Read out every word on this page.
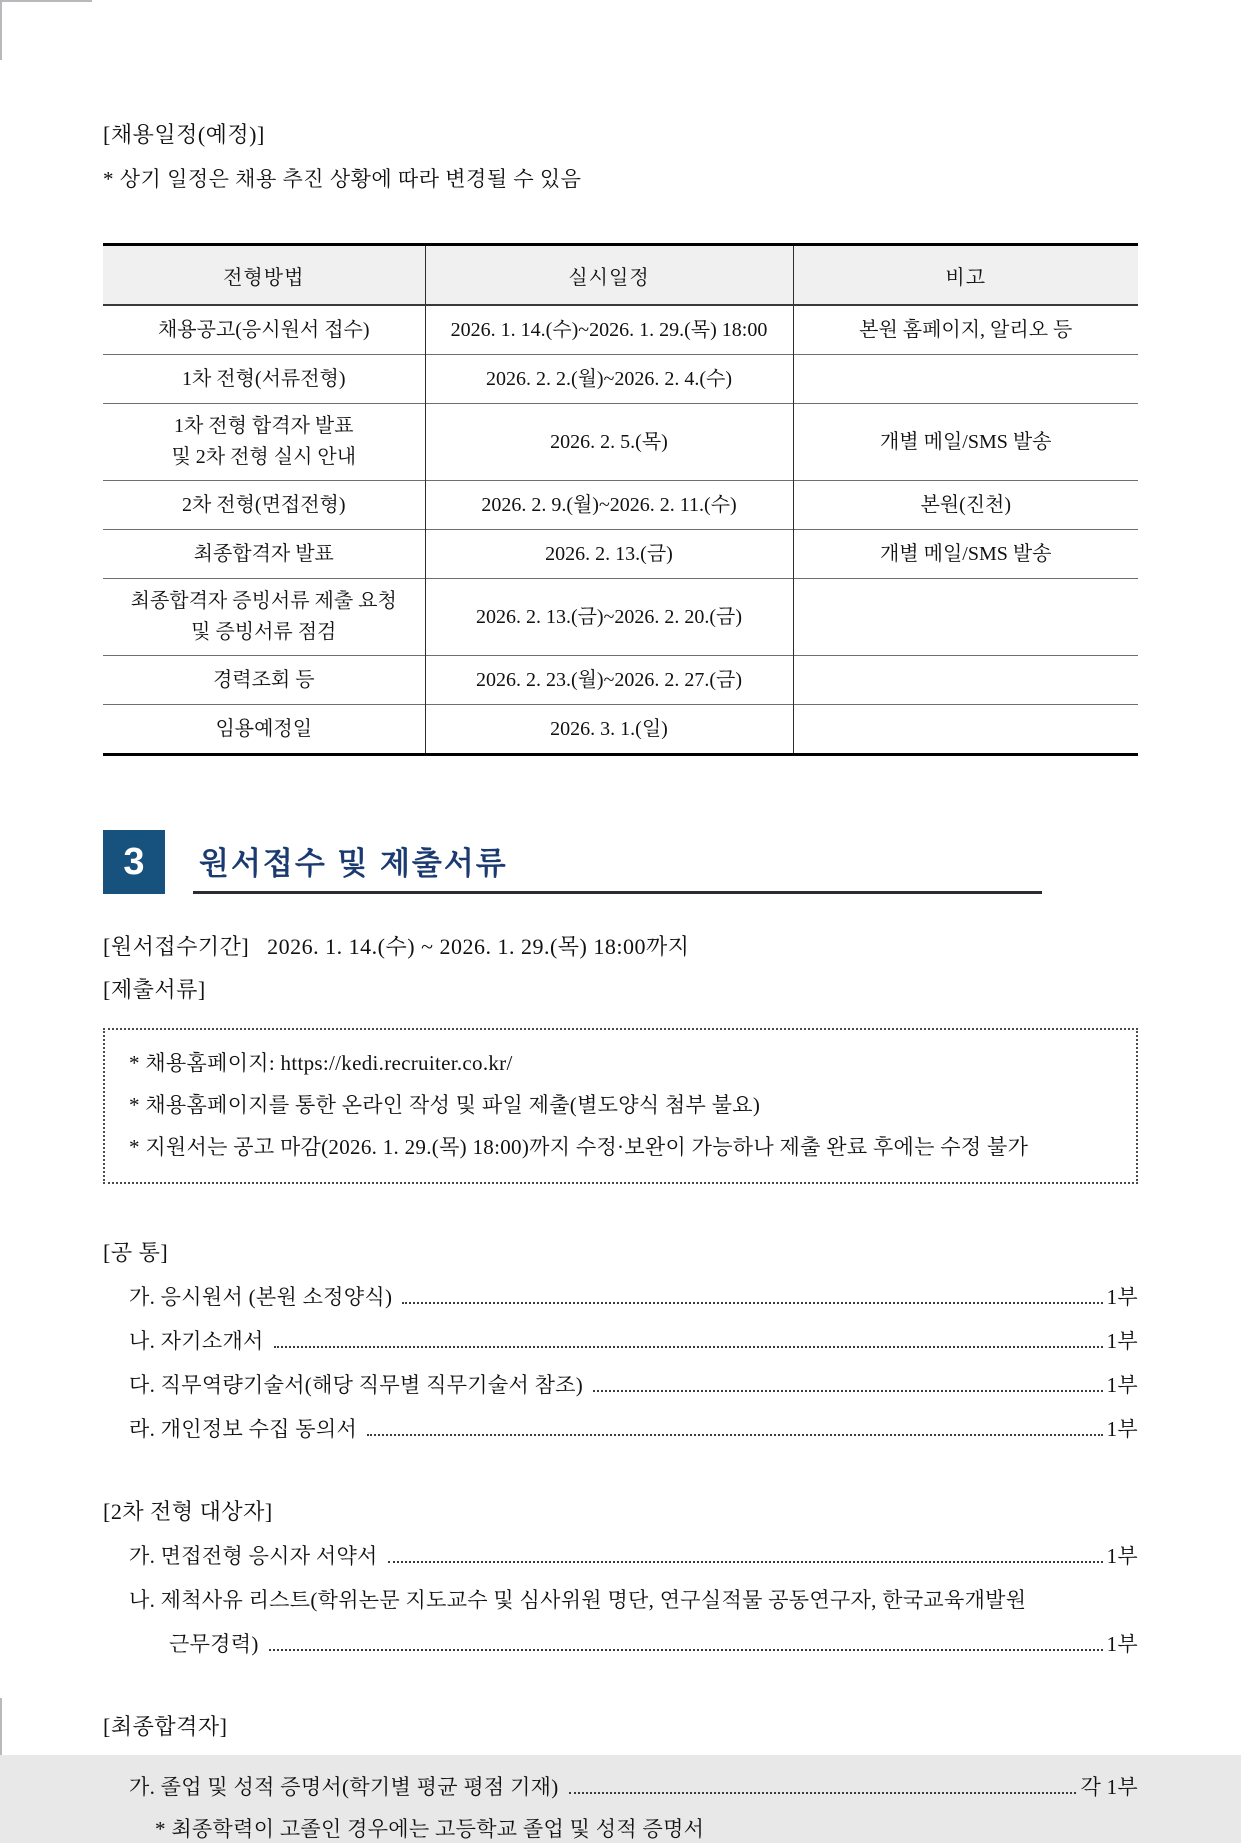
[채용일정(예정)]
* 상기 일정은 채용 추진 상황에 따라 변경될 수 있음
전형방법	실시일정	비고
채용공고(응시원서 접수)	2026. 1. 14.(수)~2026. 1. 29.(목) 18:00	본원 홈페이지, 알리오 등
1차 전형(서류전형)	2026. 2. 2.(월)~2026. 2. 4.(수)	

1차 전형 합격자 발표
및 2차 전형 실시 안내	2026. 2. 5.(목)	개별 메일/SMS 발송
2차 전형(면접전형)	2026. 2. 9.(월)~2026. 2. 11.(수)	본원(진천)
최종합격자 발표	2026. 2. 13.(금)	개별 메일/SMS 발송

최종합격자 증빙서류 제출 요청
및 증빙서류 점검	2026. 2. 13.(금)~2026. 2. 20.(금)	
경력조회 등	2026. 2. 23.(월)~2026. 2. 27.(금)	
임용예정일	2026. 3. 1.(일)	
3	원서접수 및 제출서류
[원서접수기간] 2026. 1. 14.(수) ~ 2026. 1. 29.(목) 18:00까지
[제출서류]
* 채용홈페이지: https://kedi.recruiter.co.kr/
* 채용홈페이지를 통한 온라인 작성 및 파일 제출(별도양식 첨부 불요)
* 지원서는 공고 마감(2026. 1. 29.(목) 18:00)까지 수정·보완이 가능하나 제출 완료 후에는 수정 불가
[공 통]
가. 응시원서 (본원 소정양식)	1부
나. 자기소개서	1부
다. 직무역량기술서(해당 직무별 직무기술서 참조)	1부
라. 개인정보 수집 동의서	1부
[2차 전형 대상자]
가. 면접전형 응시자 서약서	1부
나. 제척사유 리스트(학위논문 지도교수 및 심사위원 명단, 연구실적물 공동연구자, 한국교육개발원
근무경력)	1부
[최종합격자]
가. 졸업 및 성적 증명서(학기별 평균 평점 기재)	각 1부
* 최종학력이 고졸인 경우에는 고등학교 졸업 및 성적 증명서
